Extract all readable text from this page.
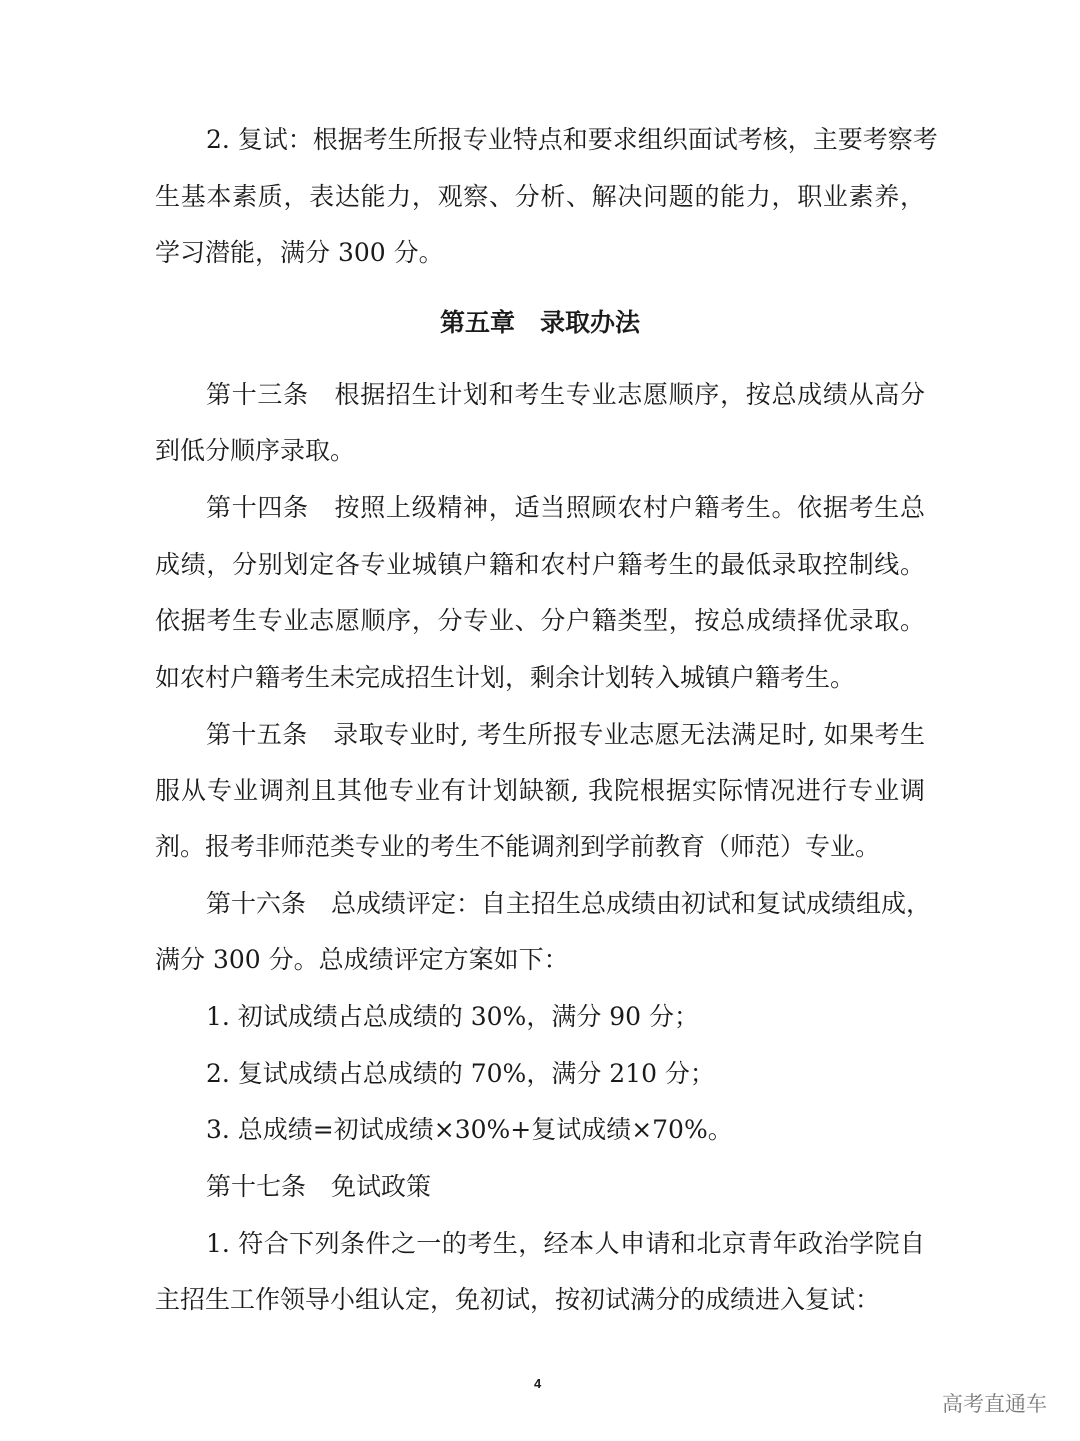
2. 复试：根据考生所报专业特点和要求组织面试考核，主要考察考
生基本素质，表达能力，观察、分析、解决问题的能力，职业素养，
学习潜能，满分 300 分。
第五章　录取办法
第十三条　根据招生计划和考生专业志愿顺序，按总成绩从高分
到低分顺序录取。
第十四条　按照上级精神，适当照顾农村户籍考生。依据考生总
成绩，分别划定各专业城镇户籍和农村户籍考生的最低录取控制线。
依据考生专业志愿顺序，分专业、分户籍类型，按总成绩择优录取。
如农村户籍考生未完成招生计划，剩余计划转入城镇户籍考生。
第十五条　录取专业时, 考生所报专业志愿无法满足时, 如果考生
服从专业调剂且其他专业有计划缺额, 我院根据实际情况进行专业调
剂。报考非师范类专业的考生不能调剂到学前教育（师范）专业。
第十六条　总成绩评定：自主招生总成绩由初试和复试成绩组成，
满分 300 分。总成绩评定方案如下：
1. 初试成绩占总成绩的 30%，满分 90 分；
2. 复试成绩占总成绩的 70%，满分 210 分；
3. 总成绩=初试成绩×30%+复试成绩×70%。
第十七条　免试政策
1. 符合下列条件之一的考生，经本人申请和北京青年政治学院自
主招生工作领导小组认定，免初试，按初试满分的成绩进入复试：
4
高考直通车
